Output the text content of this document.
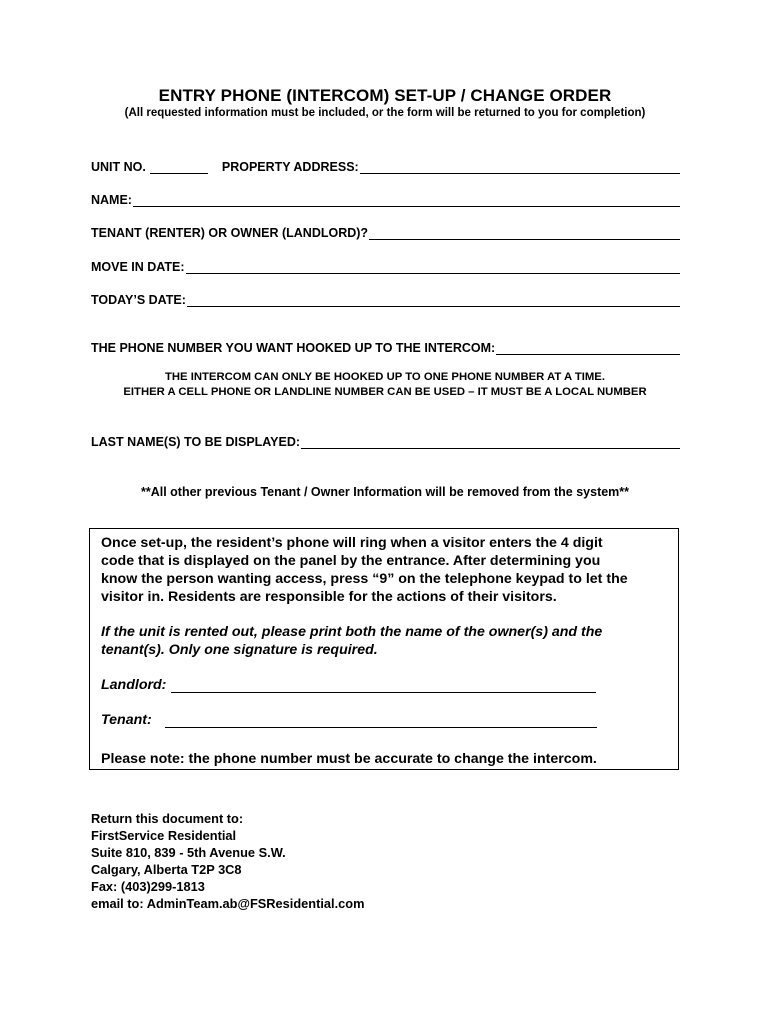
ENTRY PHONE (INTERCOM) SET-UP / CHANGE ORDER
(All requested information must be included, or the form will be returned to you for completion)
UNIT NO.	PROPERTY ADDRESS:
NAME:
TENANT (RENTER) OR OWNER (LANDLORD)?
MOVE IN DATE:
TODAY’S DATE:
THE PHONE NUMBER YOU WANT HOOKED UP TO THE INTERCOM:
THE INTERCOM CAN ONLY BE HOOKED UP TO ONE PHONE NUMBER AT A TIME.
EITHER A CELL PHONE OR LANDLINE NUMBER CAN BE USED – IT MUST BE A LOCAL NUMBER
LAST NAME(S) TO BE DISPLAYED:
**All other previous Tenant / Owner Information will be removed from the system**
Once set-up, the resident’s phone will ring when a visitor enters the 4 digit
code that is displayed on the panel by the entrance. After determining you
know the person wanting access, press “9” on the telephone keypad to let the
visitor in. Residents are responsible for the actions of their visitors.
If the unit is rented out, please print both the name of the owner(s) and the
tenant(s). Only one signature is required.
Landlord:
Tenant:
Please note: the phone number must be accurate to change the intercom.
Return this document to:
FirstService Residential
Suite 810, 839 - 5th Avenue S.W.
Calgary, Alberta T2P 3C8
Fax: (403)299-1813
email to: AdminTeam.ab@FSResidential.com
